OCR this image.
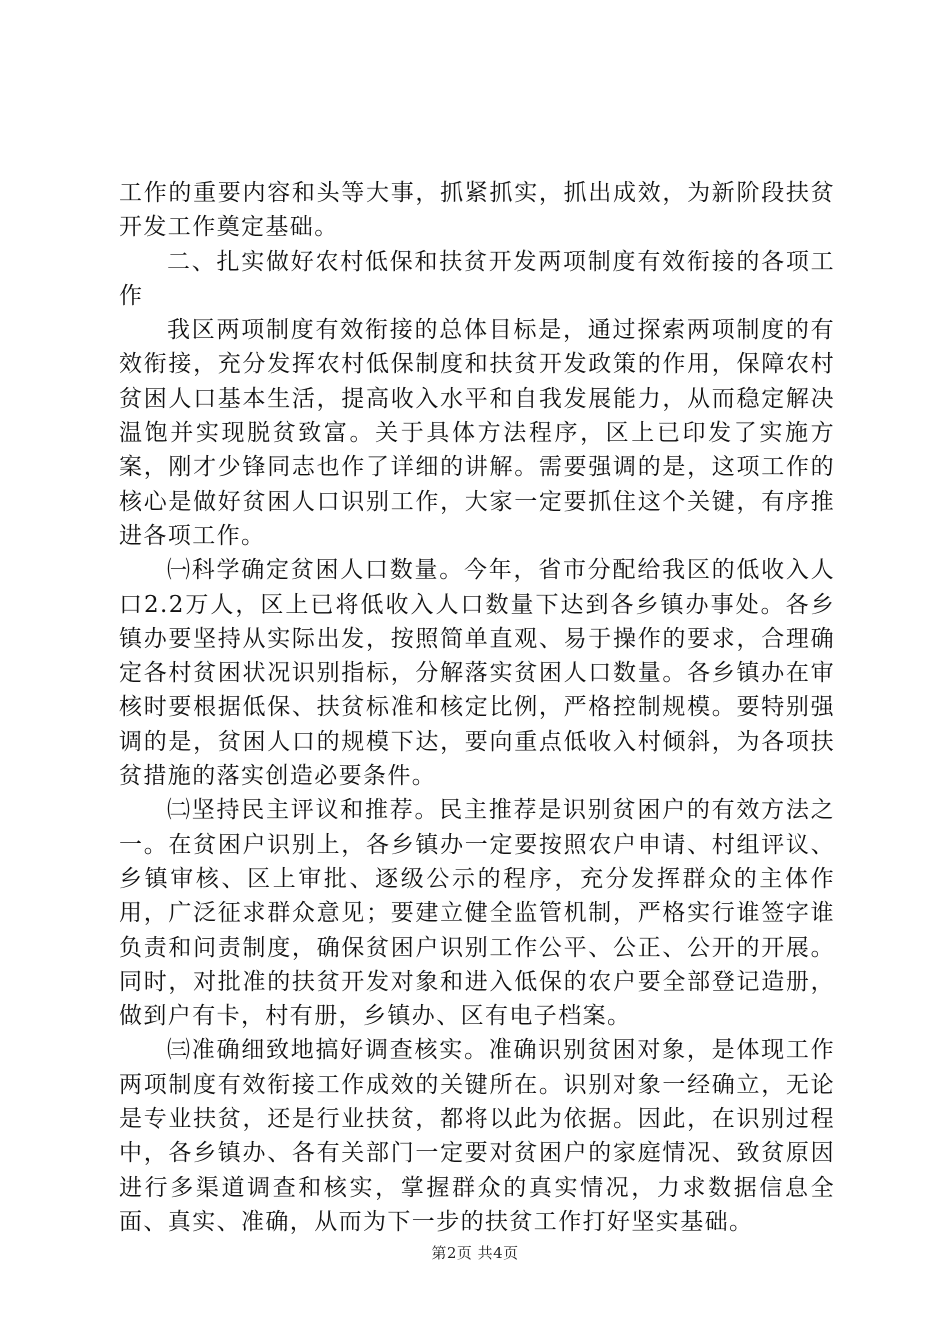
工作的重要内容和头等大事，抓紧抓实，抓出成效，为新阶段扶贫开发工作奠定基础。

二、扎实做好农村低保和扶贫开发两项制度有效衔接的各项工作

我区两项制度有效衔接的总体目标是，通过探索两项制度的有效衔接，充分发挥农村低保制度和扶贫开发政策的作用，保障农村贫困人口基本生活，提高收入水平和自我发展能力，从而稳定解决温饱并实现脱贫致富。关于具体方法程序，区上已印发了实施方案，刚才少锋同志也作了详细的讲解。需要强调的是，这项工作的核心是做好贫困人口识别工作，大家一定要抓住这个关键，有序推进各项工作。

㈠科学确定贫困人口数量。今年，省市分配给我区的低收入人口2.2万人，区上已将低收入人口数量下达到各乡镇办事处。各乡镇办要坚持从实际出发，按照简单直观、易于操作的要求，合理确定各村贫困状况识别指标，分解落实贫困人口数量。各乡镇办在审核时要根据低保、扶贫标准和核定比例，严格控制规模。要特别强调的是，贫困人口的规模下达，要向重点低收入村倾斜，为各项扶贫措施的落实创造必要条件。

㈡坚持民主评议和推荐。民主推荐是识别贫困户的有效方法之一。在贫困户识别上，各乡镇办一定要按照农户申请、村组评议、乡镇审核、区上审批、逐级公示的程序，充分发挥群众的主体作用，广泛征求群众意见；要建立健全监管机制，严格实行谁签字谁负责和问责制度，确保贫困户识别工作公平、公正、公开的开展。同时，对批准的扶贫开发对象和进入低保的农户要全部登记造册，做到户有卡，村有册，乡镇办、区有电子档案。

㈢准确细致地搞好调查核实。准确识别贫困对象，是体现工作两项制度有效衔接工作成效的关键所在。识别对象一经确立，无论是专业扶贫，还是行业扶贫，都将以此为依据。因此，在识别过程中，各乡镇办、各有关部门一定要对贫困户的家庭情况、致贫原因进行多渠道调查和核实，掌握群众的真实情况，力求数据信息全面、真实、准确，从而为下一步的扶贫工作打好坚实基础。

第2页 共4页
